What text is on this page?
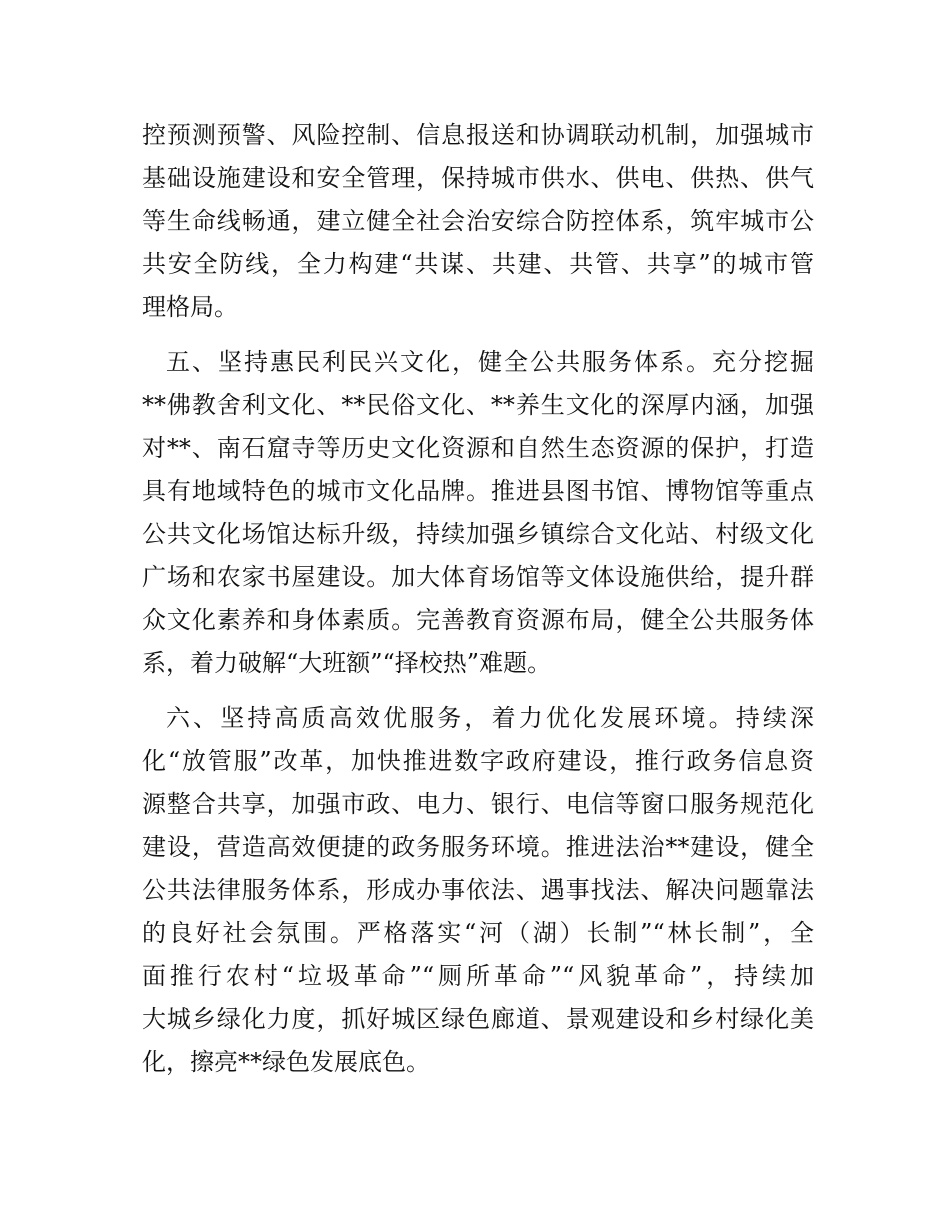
控预测预警、风险控制、信息报送和协调联动机制，加强城市
基础设施建设和安全管理，保持城市供水、供电、供热、供气
等生命线畅通，建立健全社会治安综合防控体系，筑牢城市公
共安全防线，全力构建“共谋、共建、共管、共享”的城市管
理格局。
五、坚持惠民利民兴文化，健全公共服务体系。充分挖掘
**佛教舍利文化、**民俗文化、**养生文化的深厚内涵，加强
对**、南石窟寺等历史文化资源和自然生态资源的保护，打造
具有地域特色的城市文化品牌。推进县图书馆、博物馆等重点
公共文化场馆达标升级，持续加强乡镇综合文化站、村级文化
广场和农家书屋建设。加大体育场馆等文体设施供给，提升群
众文化素养和身体素质。完善教育资源布局，健全公共服务体
系，着力破解“大班额”“择校热”难题。
六、坚持高质高效优服务，着力优化发展环境。持续深
化“放管服”改革，加快推进数字政府建设，推行政务信息资
源整合共享，加强市政、电力、银行、电信等窗口服务规范化
建设，营造高效便捷的政务服务环境。推进法治**建设，健全
公共法律服务体系，形成办事依法、遇事找法、解决问题靠法
的良好社会氛围。严格落实“河（湖）长制”“林长制”，全
面推行农村“垃圾革命”“厕所革命”“风貌革命”，持续加
大城乡绿化力度，抓好城区绿色廊道、景观建设和乡村绿化美
化，擦亮**绿色发展底色。
